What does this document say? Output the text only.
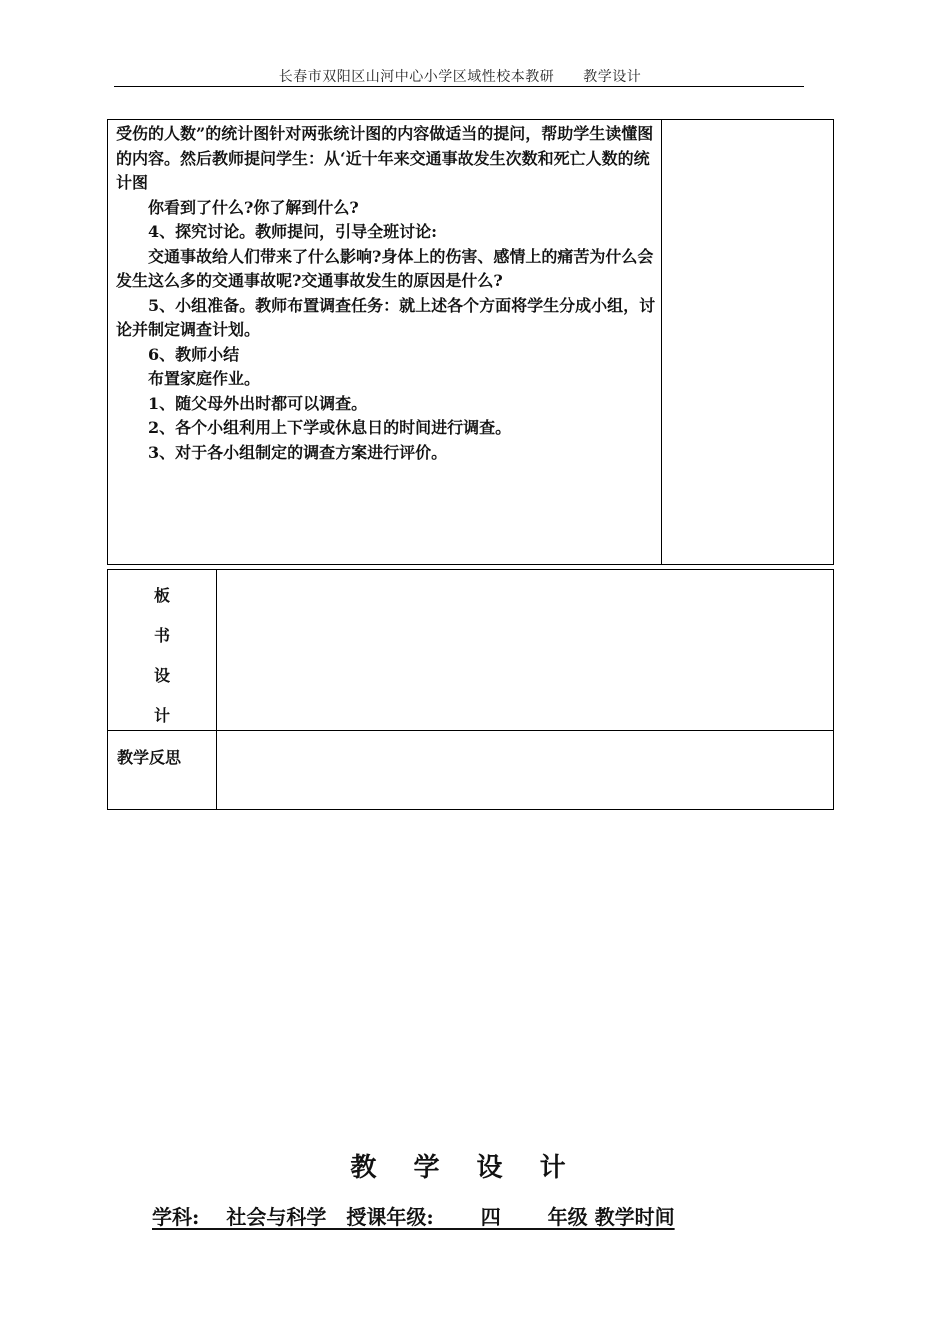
长春市双阳区山河中心小学区域性校本教研　　教学设计

受伤的人数”的统计图针对两张统计图的内容做适当的提问，帮助学生读懂图的内容。然后教师提问学生：从‘近十年来交通事故发生次数和死亡人数的统计图

你看到了什么?你了解到什么?

4、探究讨论。教师提问，引导全班讨论:

交通事故给人们带来了什么影响?身体上的伤害、感情上的痛苦为什么会发生这么多的交通事故呢?交通事故发生的原因是什么?

5、小组准备。教师布置调查任务：就上述各个方面将学生分成小组，讨论并制定调查计划。

6、教师小结

布置家庭作业。

1、随父母外出时都可以调查。

2、各个小组利用上下学或休息日的时间进行调查。

3、对于各小组制定的调查方案进行评价。

板
书
设
计
教学反思
教 学 设 计
学科:　 社会与科学　授课年级:　　 四　　 年级 教学时间
